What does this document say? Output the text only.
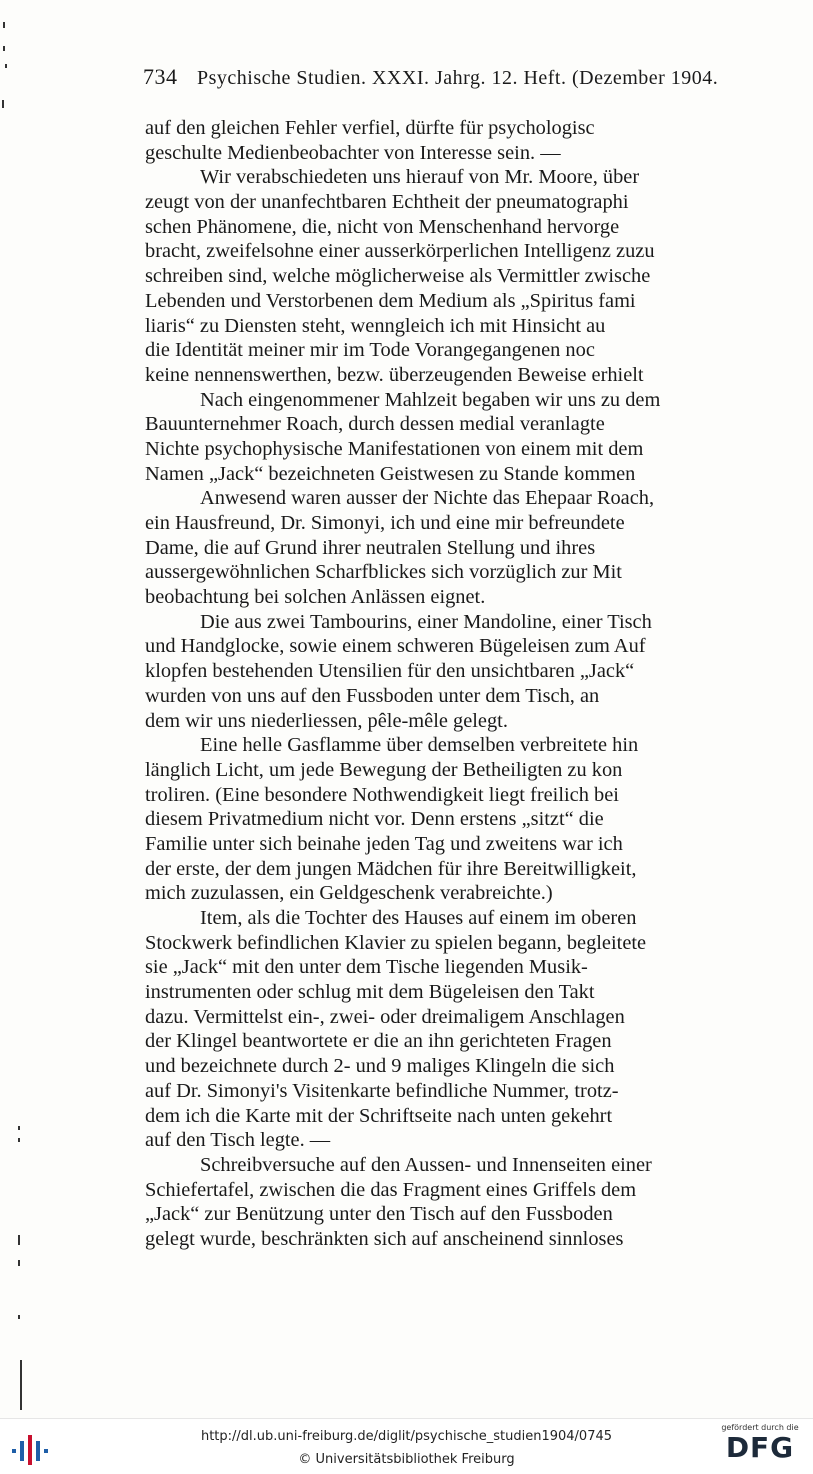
734 Psychische Studien. XXXI. Jahrg. 12. Heft. (Dezember 1904.
auf den gleichen Fehler verfiel, dürfte für psychologisc
geschulte Medienbeobachter von Interesse sein. —
Wir verabschiedeten uns hierauf von Mr. Moore, über
zeugt von der unanfechtbaren Echtheit der pneumatographi
schen Phänomene, die, nicht von Menschenhand hervorge
bracht, zweifelsohne einer ausserkörperlichen Intelligenz zuzu
schreiben sind, welche möglicherweise als Vermittler zwische
Lebenden und Verstorbenen dem Medium als „Spiritus fami
liaris“ zu Diensten steht, wenngleich ich mit Hinsicht au
die Identität meiner mir im Tode Vorangegangenen noc
keine nennenswerthen, bezw. überzeugenden Beweise erhielt
Nach eingenommener Mahlzeit begaben wir uns zu dem
Bauunternehmer Roach, durch dessen medial veranlagte
Nichte psychophysische Manifestationen von einem mit dem
Namen „Jack“ bezeichneten Geistwesen zu Stande kommen
Anwesend waren ausser der Nichte das Ehepaar Roach,
ein Hausfreund, Dr. Simonyi, ich und eine mir befreundete
Dame, die auf Grund ihrer neutralen Stellung und ihres
aussergewöhnlichen Scharfblickes sich vorzüglich zur Mit
beobachtung bei solchen Anlässen eignet.
Die aus zwei Tambourins, einer Mandoline, einer Tisch
und Handglocke, sowie einem schweren Bügeleisen zum Auf
klopfen bestehenden Utensilien für den unsichtbaren „Jack“
wurden von uns auf den Fussboden unter dem Tisch, an
dem wir uns niederliessen, pêle-mêle gelegt.
Eine helle Gasflamme über demselben verbreitete hin
länglich Licht, um jede Bewegung der Betheiligten zu kon
troliren. (Eine besondere Nothwendigkeit liegt freilich bei
diesem Privatmedium nicht vor. Denn erstens „sitzt“ die
Familie unter sich beinahe jeden Tag und zweitens war ich
der erste, der dem jungen Mädchen für ihre Bereitwilligkeit,
mich zuzulassen, ein Geldgeschenk verabreichte.)
Item, als die Tochter des Hauses auf einem im oberen
Stockwerk befindlichen Klavier zu spielen begann, begleitete
sie „Jack“ mit den unter dem Tische liegenden Musik-
instrumenten oder schlug mit dem Bügeleisen den Takt
dazu. Vermittelst ein-, zwei- oder dreimaligem Anschlagen
der Klingel beantwortete er die an ihn gerichteten Fragen
und bezeichnete durch 2- und 9 maliges Klingeln die sich
auf Dr. Simonyi's Visitenkarte befindliche Nummer, trotz-
dem ich die Karte mit der Schriftseite nach unten gekehrt
auf den Tisch legte. —
Schreibversuche auf den Aussen- und Innenseiten einer
Schiefertafel, zwischen die das Fragment eines Griffels dem
„Jack“ zur Benützung unter den Tisch auf den Fussboden
gelegt wurde, beschränkten sich auf anscheinend sinnloses
http://dl.ub.uni-freiburg.de/diglit/psychische_studien1904/0745
© Universitätsbibliothek Freiburg
gefördert durch die
DFG
